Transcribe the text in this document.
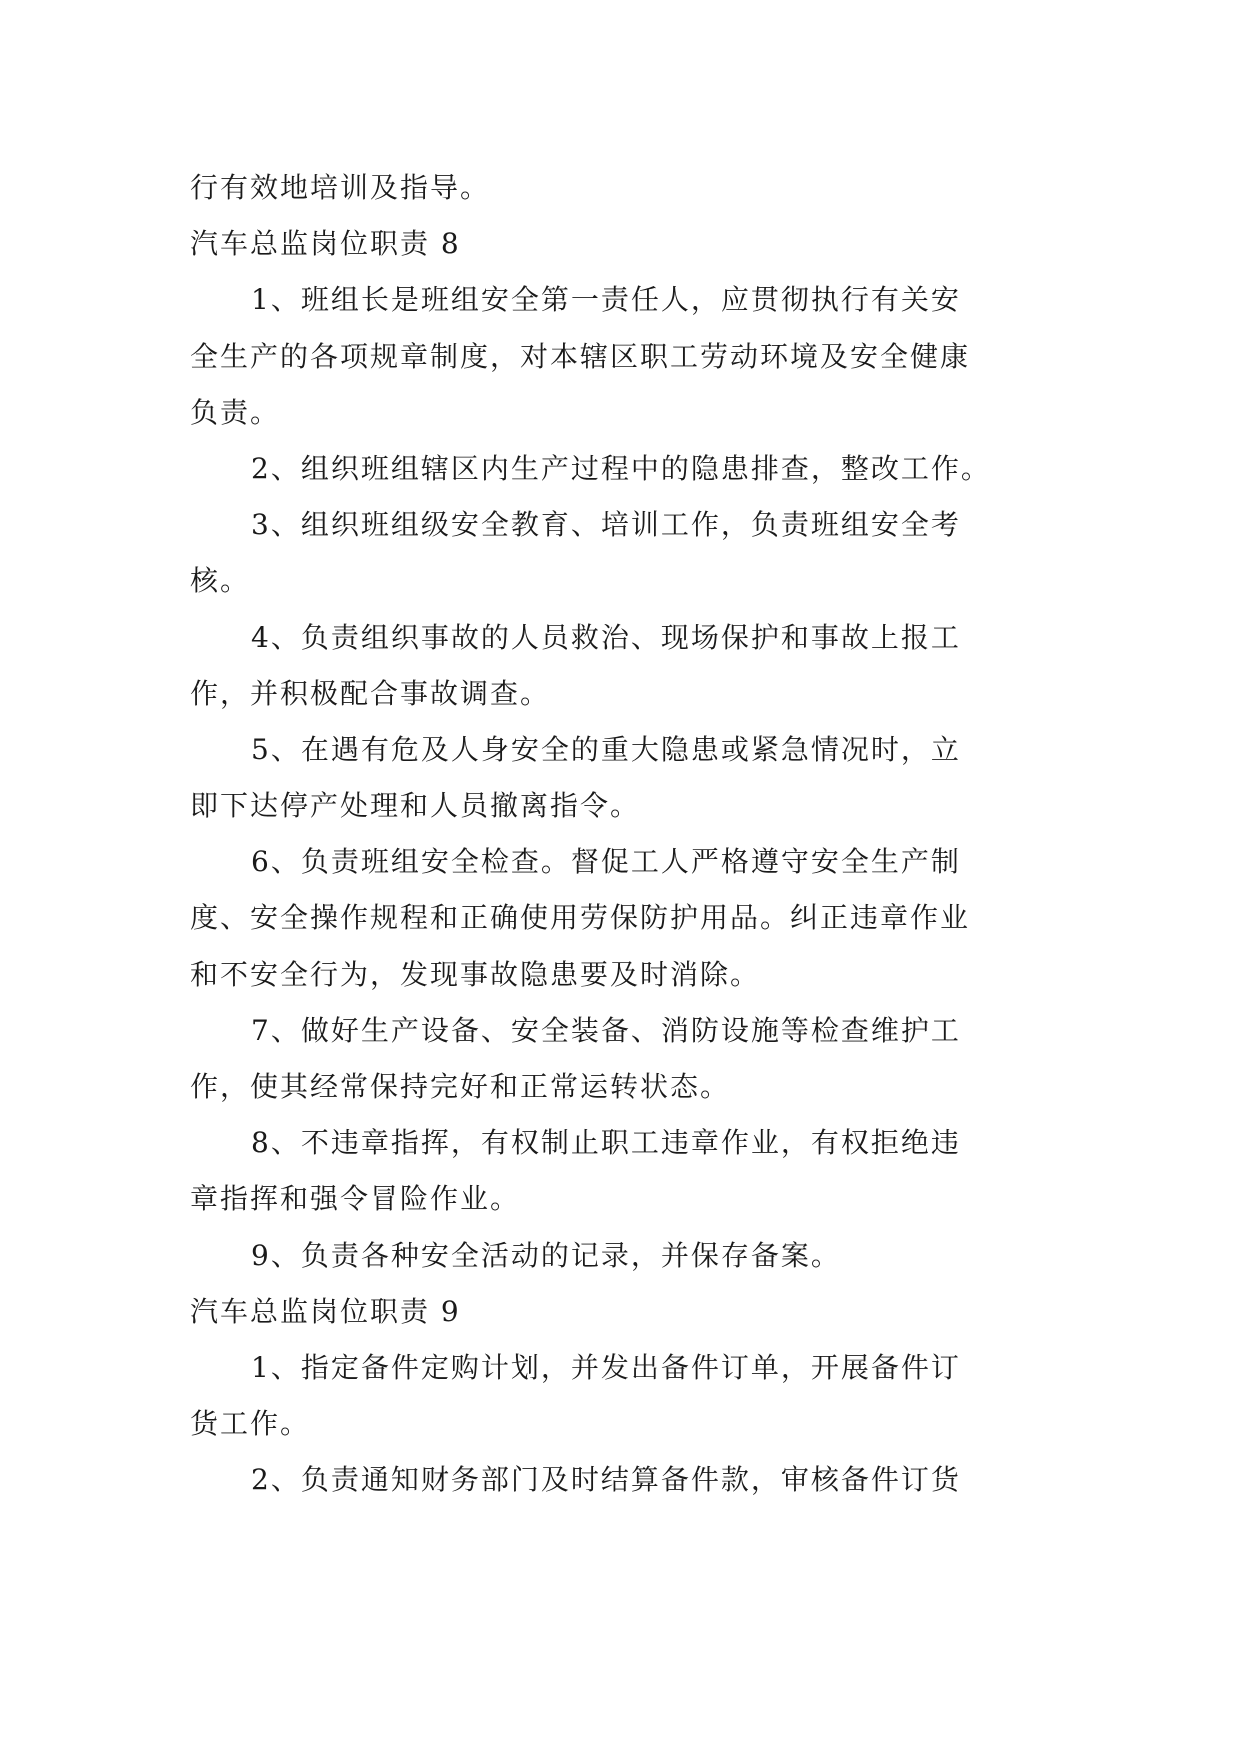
行有效地培训及指导。
汽车总监岗位职责 8
1、班组长是班组安全第一责任人，应贯彻执行有关安
全生产的各项规章制度，对本辖区职工劳动环境及安全健康
负责。
2、组织班组辖区内生产过程中的隐患排查，整改工作。
3、组织班组级安全教育、培训工作，负责班组安全考
核。
4、负责组织事故的人员救治、现场保护和事故上报工
作，并积极配合事故调查。
5、在遇有危及人身安全的重大隐患或紧急情况时，立
即下达停产处理和人员撤离指令。
6、负责班组安全检查。督促工人严格遵守安全生产制
度、安全操作规程和正确使用劳保防护用品。纠正违章作业
和不安全行为，发现事故隐患要及时消除。
7、做好生产设备、安全装备、消防设施等检查维护工
作，使其经常保持完好和正常运转状态。
8、不违章指挥，有权制止职工违章作业，有权拒绝违
章指挥和强令冒险作业。
9、负责各种安全活动的记录，并保存备案。
汽车总监岗位职责 9
1、指定备件定购计划，并发出备件订单，开展备件订
货工作。
2、负责通知财务部门及时结算备件款，审核备件订货
